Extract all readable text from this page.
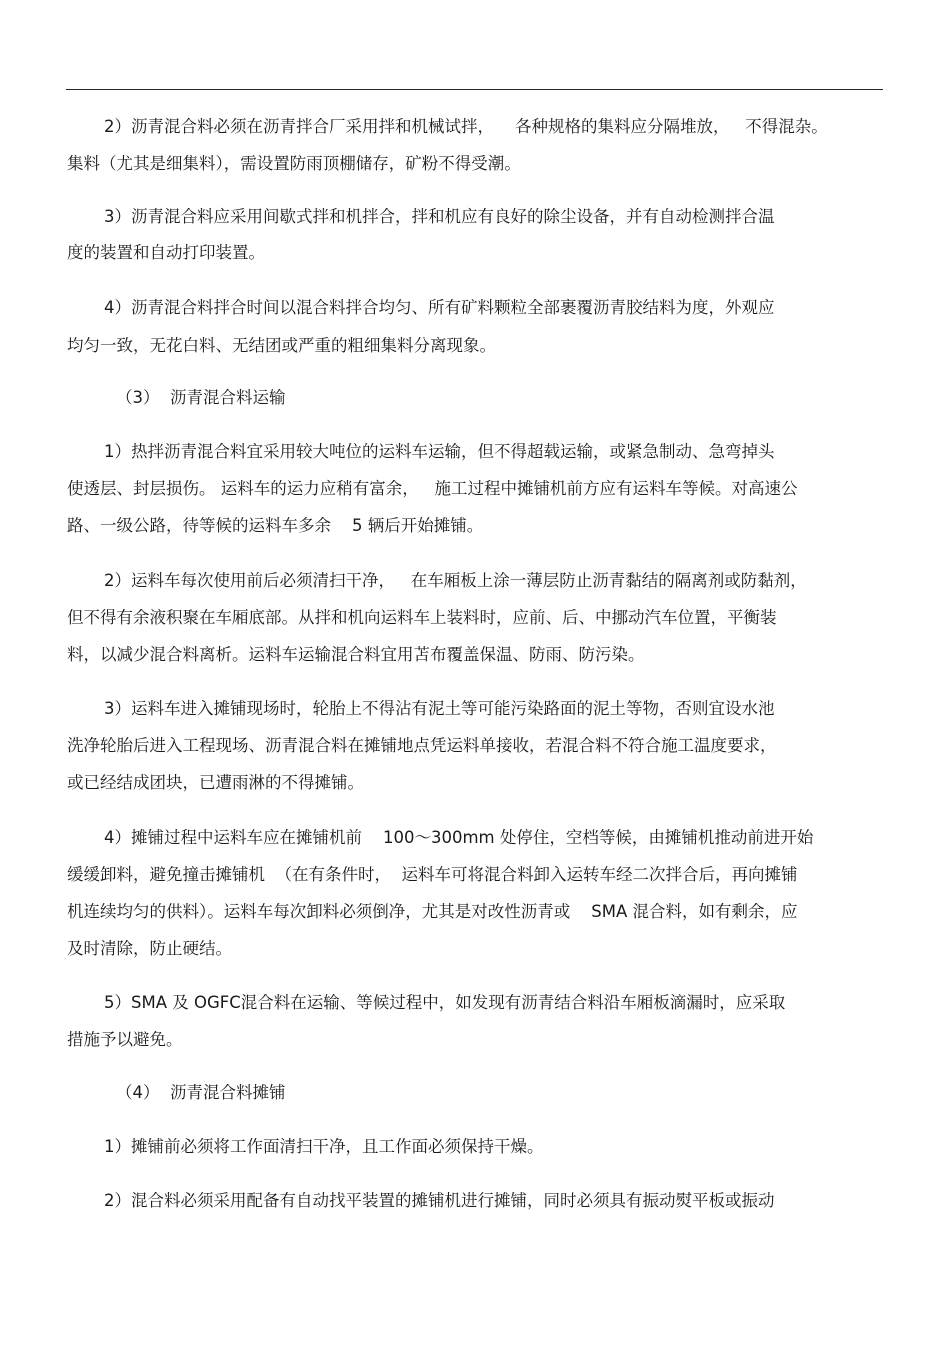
2）沥青混合料必须在沥青拌合厂采用拌和机械试拌，    各种规格的集料应分隔堆放，   不得混杂。
集料（尤其是细集料），需设置防雨顶棚储存，矿粉不得受潮。
3）沥青混合料应采用间歇式拌和机拌合，拌和机应有良好的除尘设备，并有自动检测拌合温
度的装置和自动打印装置。
4）沥青混合料拌合时间以混合料拌合均匀、所有矿料颗粒全部裹覆沥青胶结料为度，外观应
均匀一致，无花白料、无结团或严重的粗细集料分离现象。
（3）  沥青混合料运输
1）热拌沥青混合料宜采用较大吨位的运料车运输，但不得超载运输，或紧急制动、急弯掉头
使透层、封层损伤。 运料车的运力应稍有富余，   施工过程中摊铺机前方应有运料车等候。对高速公
路、一级公路，待等候的运料车多余    5 辆后开始摊铺。
2）运料车每次使用前后必须清扫干净，   在车厢板上涂一薄层防止沥青黏结的隔离剂或防黏剂，
但不得有余液积聚在车厢底部。从拌和机向运料车上装料时，应前、后、中挪动汽车位置，平衡装
料，以减少混合料离析。运料车运输混合料宜用苫布覆盖保温、防雨、防污染。
3）运料车进入摊铺现场时，轮胎上不得沾有泥土等可能污染路面的泥土等物，否则宜设水池
洗净轮胎后进入工程现场、沥青混合料在摊铺地点凭运料单接收，若混合料不符合施工温度要求，
或已经结成团块，已遭雨淋的不得摊铺。
4）摊铺过程中运料车应在摊铺机前    100～300mm 处停住，空档等候，由摊铺机推动前进开始
缓缓卸料，避免撞击摊铺机  （在有条件时，  运料车可将混合料卸入运转车经二次拌合后，再向摊铺
机连续均匀的供料）。运料车每次卸料必须倒净，尤其是对改性沥青或    SMA 混合料，如有剩余，应
及时清除，防止硬结。
5）SMA 及 OGFC混合料在运输、等候过程中，如发现有沥青结合料沿车厢板滴漏时，应采取
措施予以避免。
（4）  沥青混合料摊铺
1）摊铺前必须将工作面清扫干净，且工作面必须保持干燥。
2）混合料必须采用配备有自动找平装置的摊铺机进行摊铺，同时必须具有振动熨平板或振动
